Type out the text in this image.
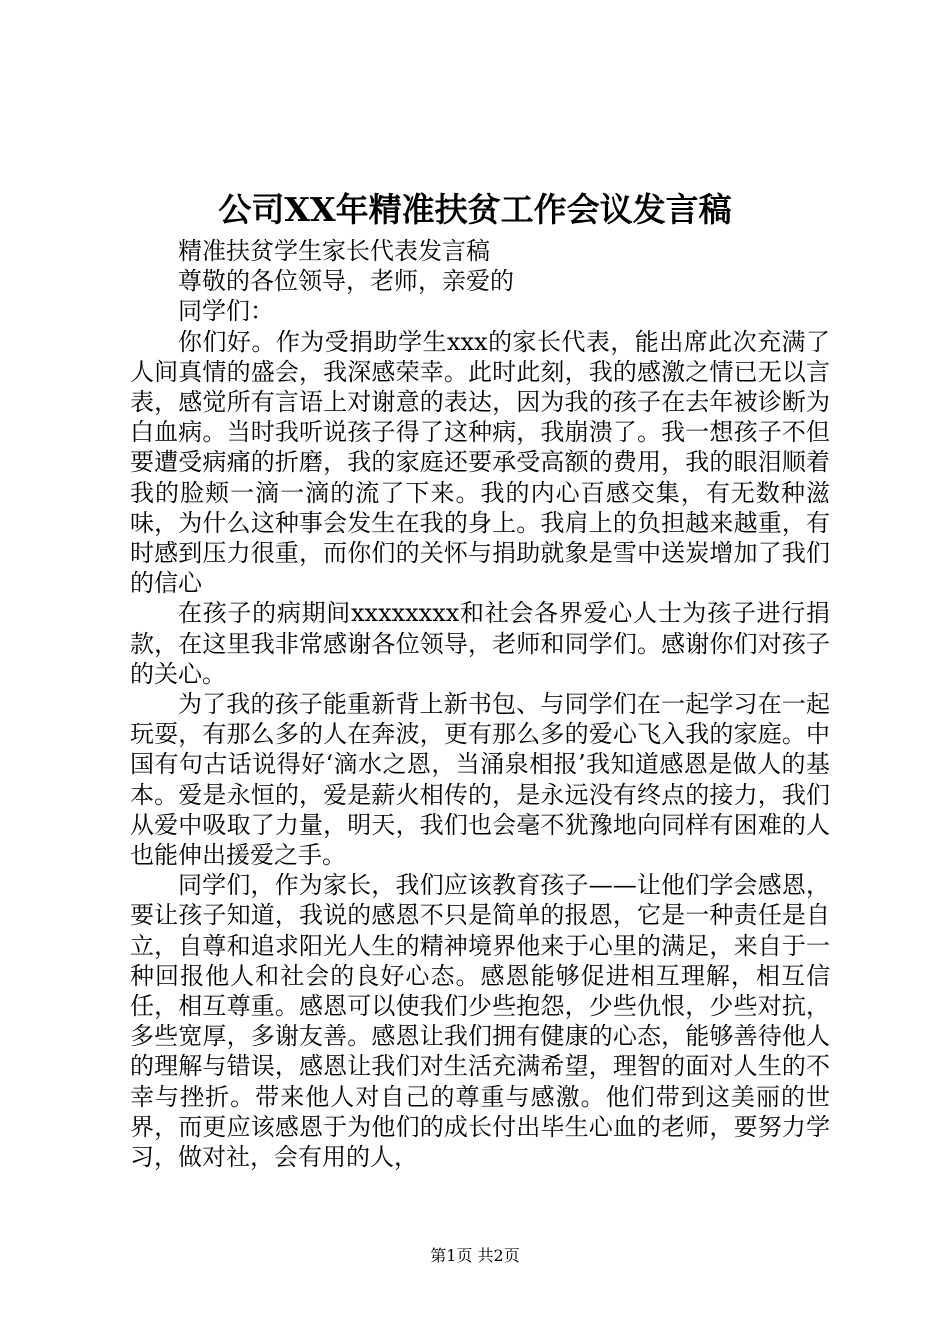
公司XX年精准扶贫工作会议发言稿

精准扶贫学生家长代表发言稿

尊敬的各位领导，老师，亲爱的

同学们：

你们好。作为受捐助学生xxx的家长代表，能出席此次充满了人间真情的盛会，我深感荣幸。此时此刻，我的感激之情已无以言表，感觉所有言语上对谢意的表达，因为我的孩子在去年被诊断为白血病。当时我听说孩子得了这种病，我崩溃了。我一想孩子不但要遭受病痛的折磨，我的家庭还要承受高额的费用，我的眼泪顺着我的脸颊一滴一滴的流了下来。我的内心百感交集，有无数种滋味，为什么这种事会发生在我的身上。我肩上的负担越来越重，有时感到压力很重，而你们的关怀与捐助就象是雪中送炭增加了我们的信心

在孩子的病期间xxxxxxxx和社会各界爱心人士为孩子进行捐款，在这里我非常感谢各位领导，老师和同学们。感谢你们对孩子的关心。

为了我的孩子能重新背上新书包、与同学们在一起学习在一起玩耍，有那么多的人在奔波，更有那么多的爱心飞入我的家庭。中国有句古话说得好‘滴水之恩，当涌泉相报’我知道感恩是做人的基本。爱是永恒的，爱是薪火相传的，是永远没有终点的接力，我们从爱中吸取了力量，明天，我们也会毫不犹豫地向同样有困难的人也能伸出援爱之手。

同学们，作为家长，我们应该教育孩子——让他们学会感恩，要让孩子知道，我说的感恩不只是简单的报恩，它是一种责任是自立，自尊和追求阳光人生的精神境界他来于心里的满足，来自于一种回报他人和社会的良好心态。感恩能够促进相互理解，相互信任，相互尊重。感恩可以使我们少些抱怨，少些仇恨，少些对抗，多些宽厚，多谢友善。感恩让我们拥有健康的心态，能够善待他人的理解与错误，感恩让我们对生活充满希望，理智的面对人生的不幸与挫折。带来他人对自己的尊重与感激。他们带到这美丽的世界，而更应该感恩于为他们的成长付出毕生心血的老师，要努力学习，做对社，会有用的人，

第1页 共2页
